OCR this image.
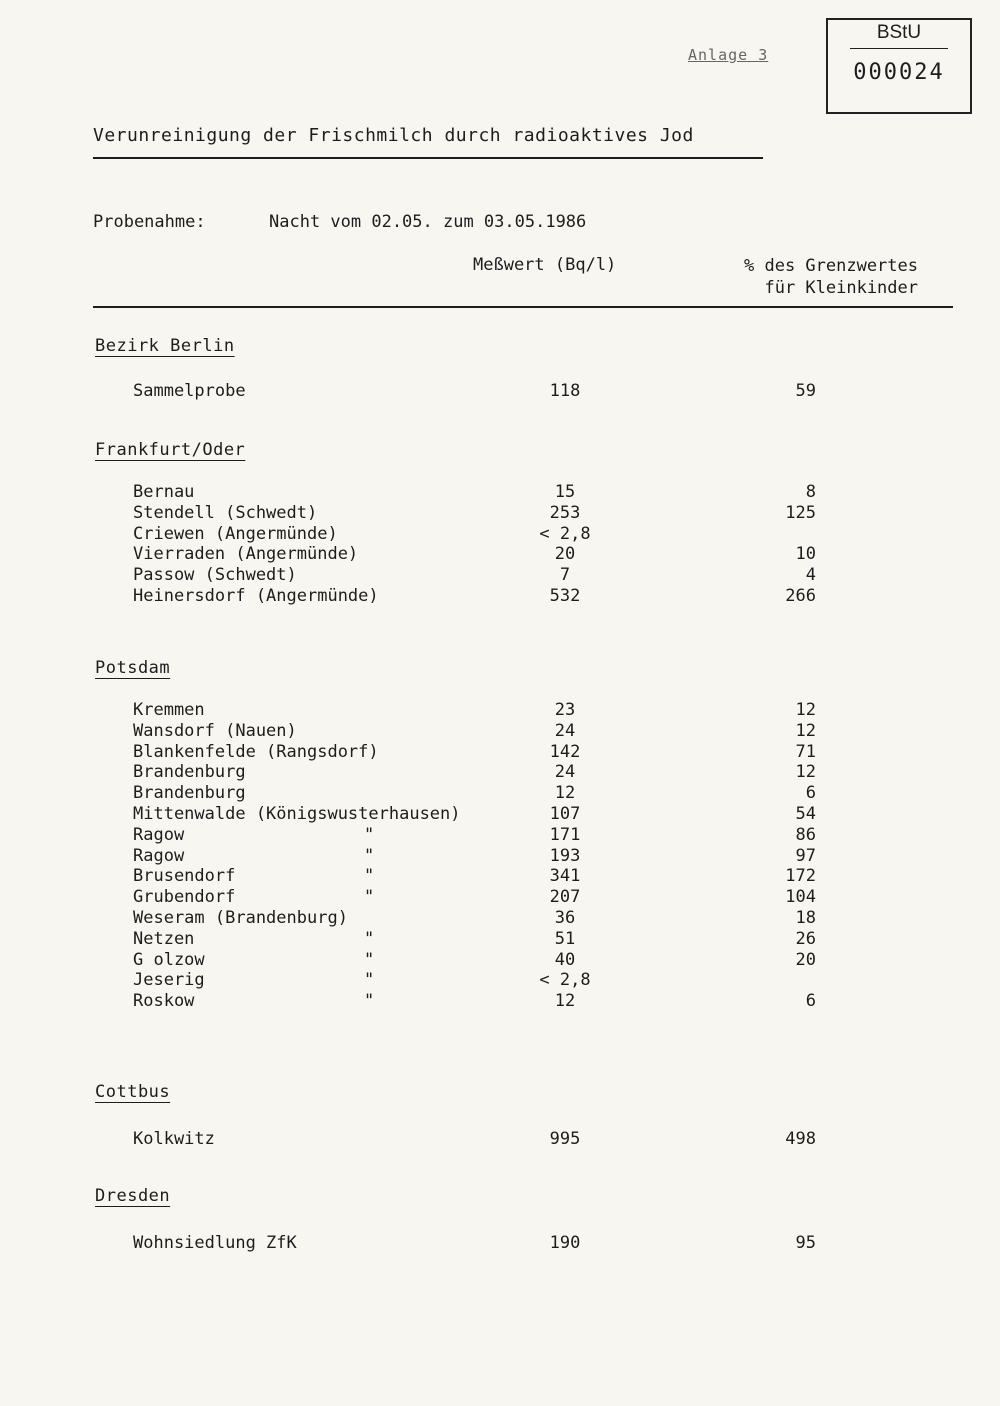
Anlage 3
BStU
000024
Verunreinigung der Frischmilch durch radioaktives Jod
Probenahme:	Nacht vom 02.05. zum 03.05.1986
Meßwert (Bq/l)	% des Grenzwertes
für Kleinkinder
Bezirk Berlin
Sammelprobe	118	59
Frankfurt/Oder
Bernau	15	8
Stendell (Schwedt)	253	125
Criewen (Angermünde)	< 2,8
Vierraden (Angermünde)	20	10
Passow (Schwedt)	7	4
Heinersdorf (Angermünde)	532	266
Potsdam
Kremmen	23	12
Wansdorf (Nauen)	24	12
Blankenfelde (Rangsdorf)	142	71
Brandenburg	24	12
Brandenburg	12	6
Mittenwalde (Königswusterhausen)	107	54
Ragow	"	171	86
Ragow	"	193	97
Brusendorf	"	341	172
Grubendorf	"	207	104
Weseram (Brandenburg)	36	18
Netzen	"	51	26
G olzow	"	40	20
Jeserig	"	< 2,8
Roskow	"	12	6
Cottbus
Kolkwitz	995	498
Dresden
Wohnsiedlung ZfK	190	95
